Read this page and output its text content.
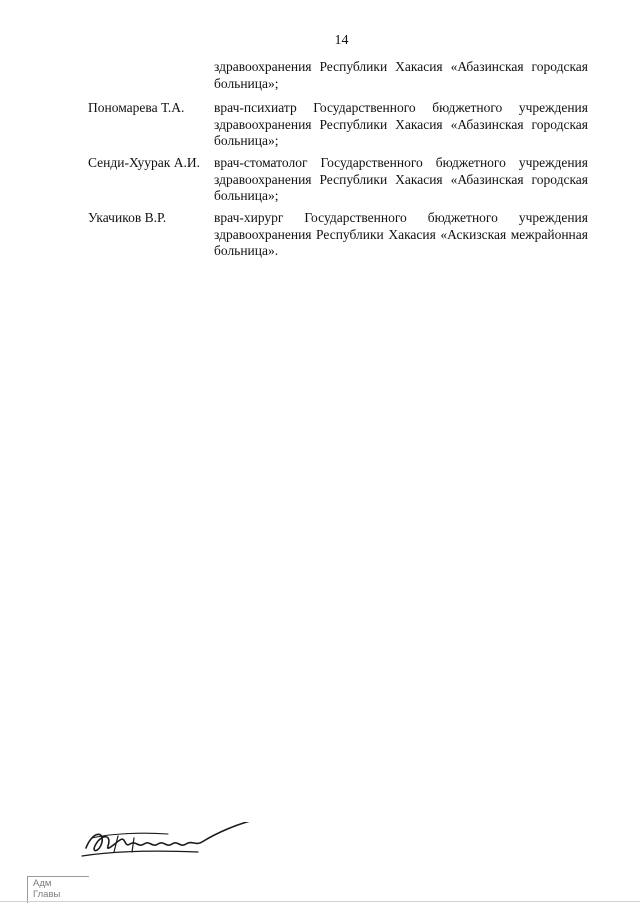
14
здравоохранения Республики Хакасия «Абазинская городская больница»;
Пономарева Т.А. врач-психиатр Государственного бюджетного учреждения здравоохранения Республики Хакасия «Абазинская городская больница»;
Сенди-Хуурак А.И. врач-стоматолог Государственного бюджетного учреждения здравоохранения Республики Хакасия «Абазинская городская больница»;
Укачиков В.Р.	врач-хирург Государственного бюджетного учреждения здравоохранения Республики Хакасия «Аскизская межрайонная больница».
Адм
Главы
